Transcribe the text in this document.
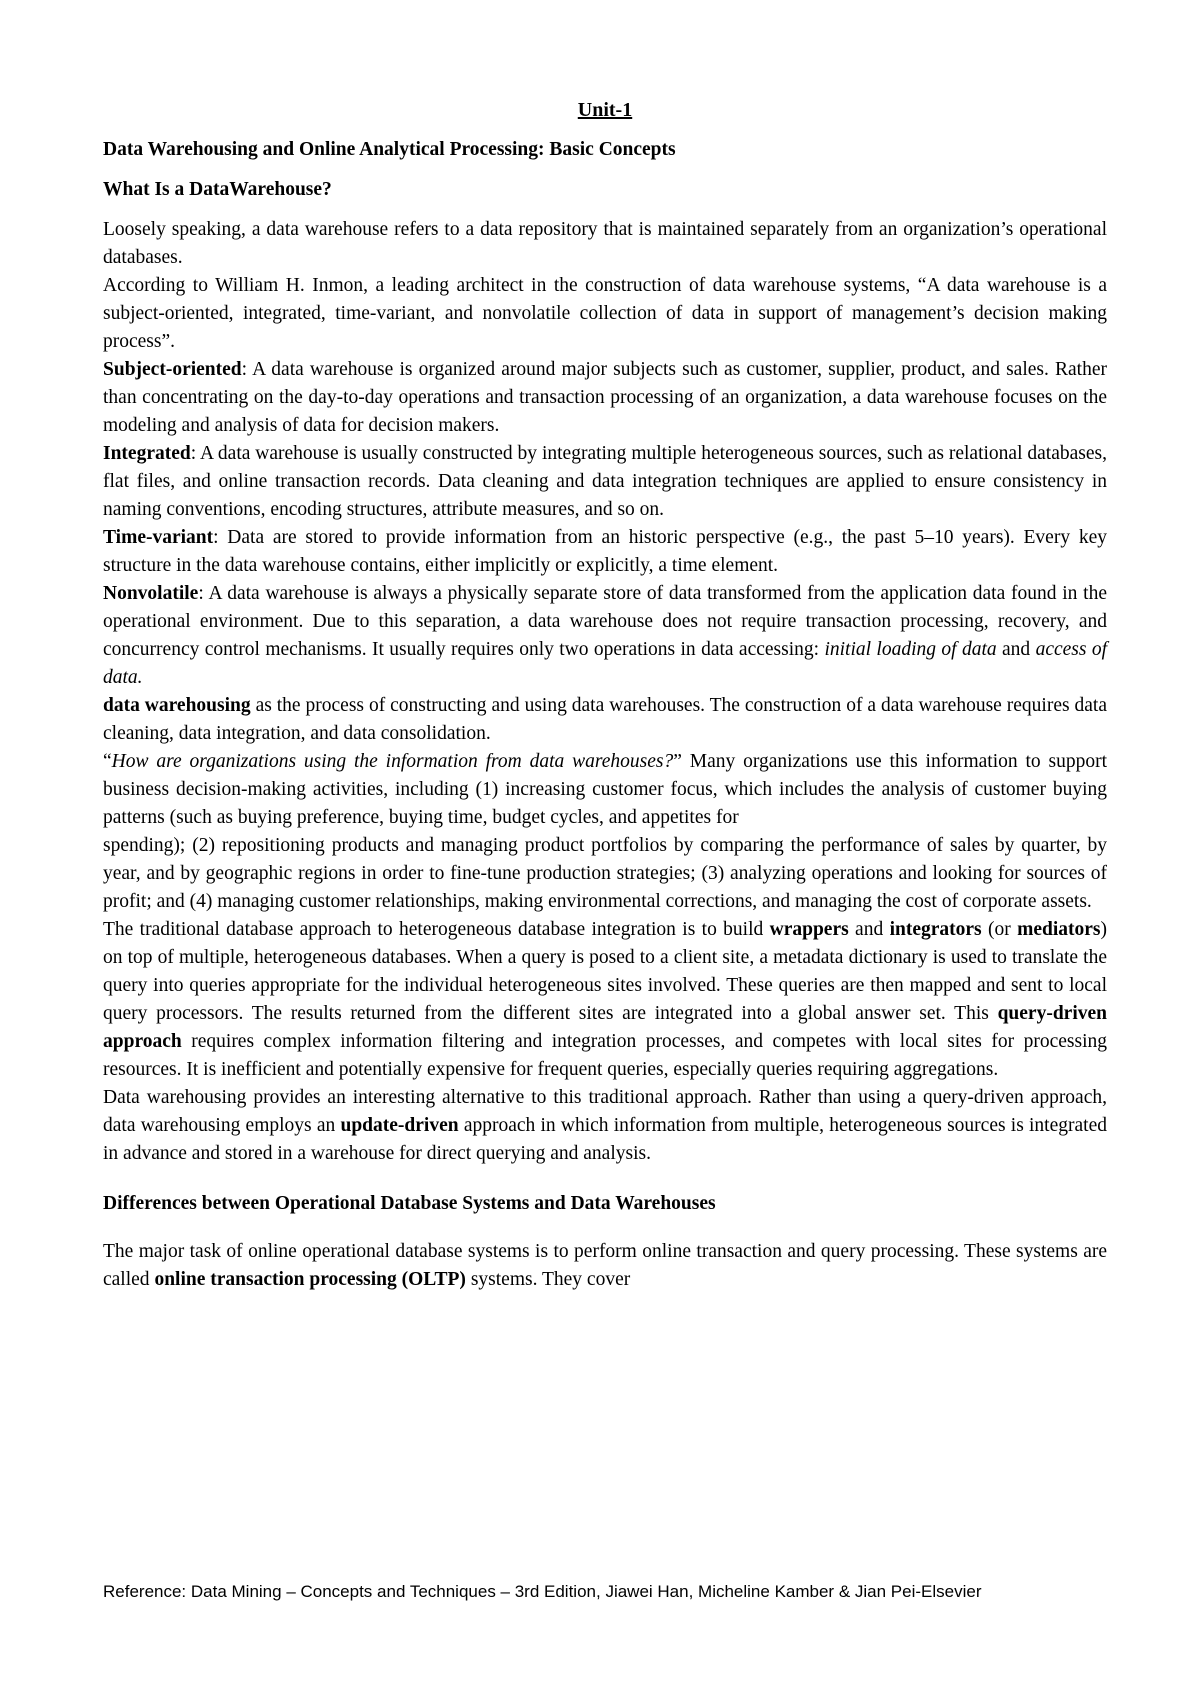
Unit-1
Data Warehousing and Online Analytical Processing: Basic Concepts
What Is a DataWarehouse?

Loosely speaking, a data warehouse refers to a data repository that is maintained separately from an organization’s operational databases.

According to William H. Inmon, a leading architect in the construction of data warehouse systems, “A data warehouse is a subject-oriented, integrated, time-variant, and nonvolatile collection of data in support of management’s decision making process”.

Subject-oriented: A data warehouse is organized around major subjects such as customer, supplier, product, and sales. Rather than concentrating on the day-to-day operations and transaction processing of an organization, a data warehouse focuses on the modeling and analysis of data for decision makers.

Integrated: A data warehouse is usually constructed by integrating multiple heterogeneous sources, such as relational databases, flat files, and online transaction records. Data cleaning and data integration techniques are applied to ensure consistency in naming conventions, encoding structures, attribute measures, and so on.

Time-variant: Data are stored to provide information from an historic perspective (e.g., the past 5–10 years). Every key structure in the data warehouse contains, either implicitly or explicitly, a time element.

Nonvolatile: A data warehouse is always a physically separate store of data transformed from the application data found in the operational environment. Due to this separation, a data warehouse does not require transaction processing, recovery, and concurrency control mechanisms. It usually requires only two operations in data accessing: initial loading of data and access of data.

data warehousing as the process of constructing and using data warehouses. The construction of a data warehouse requires data cleaning, data integration, and data consolidation.

“How are organizations using the information from data warehouses?” Many organizations use this information to support business decision-making activities, including (1) increasing customer focus, which includes the analysis of customer buying patterns (such as buying preference, buying time, budget cycles, and appetites for

spending); (2) repositioning products and managing product portfolios by comparing the performance of sales by quarter, by year, and by geographic regions in order to fine-tune production strategies; (3) analyzing operations and looking for sources of profit; and (4) managing customer relationships, making environmental corrections, and managing the cost of corporate assets.

The traditional database approach to heterogeneous database integration is to build wrappers and integrators (or mediators) on top of multiple, heterogeneous databases. When a query is posed to a client site, a metadata dictionary is used to translate the query into queries appropriate for the individual heterogeneous sites involved. These queries are then mapped and sent to local query processors. The results returned from the different sites are integrated into a global answer set. This query-driven approach requires complex information filtering and integration processes, and competes with local sites for processing resources. It is inefficient and potentially expensive for frequent queries, especially queries requiring aggregations.

Data warehousing provides an interesting alternative to this traditional approach. Rather than using a query-driven approach, data warehousing employs an update-driven approach in which information from multiple, heterogeneous sources is integrated in advance and stored in a warehouse for direct querying and analysis.

Differences between Operational Database Systems and Data Warehouses

The major task of online operational database systems is to perform online transaction and query processing. These systems are called online transaction processing (OLTP) systems. They cover

Reference: Data Mining – Concepts and Techniques – 3rd Edition, Jiawei Han, Micheline Kamber & Jian Pei-Elsevier
